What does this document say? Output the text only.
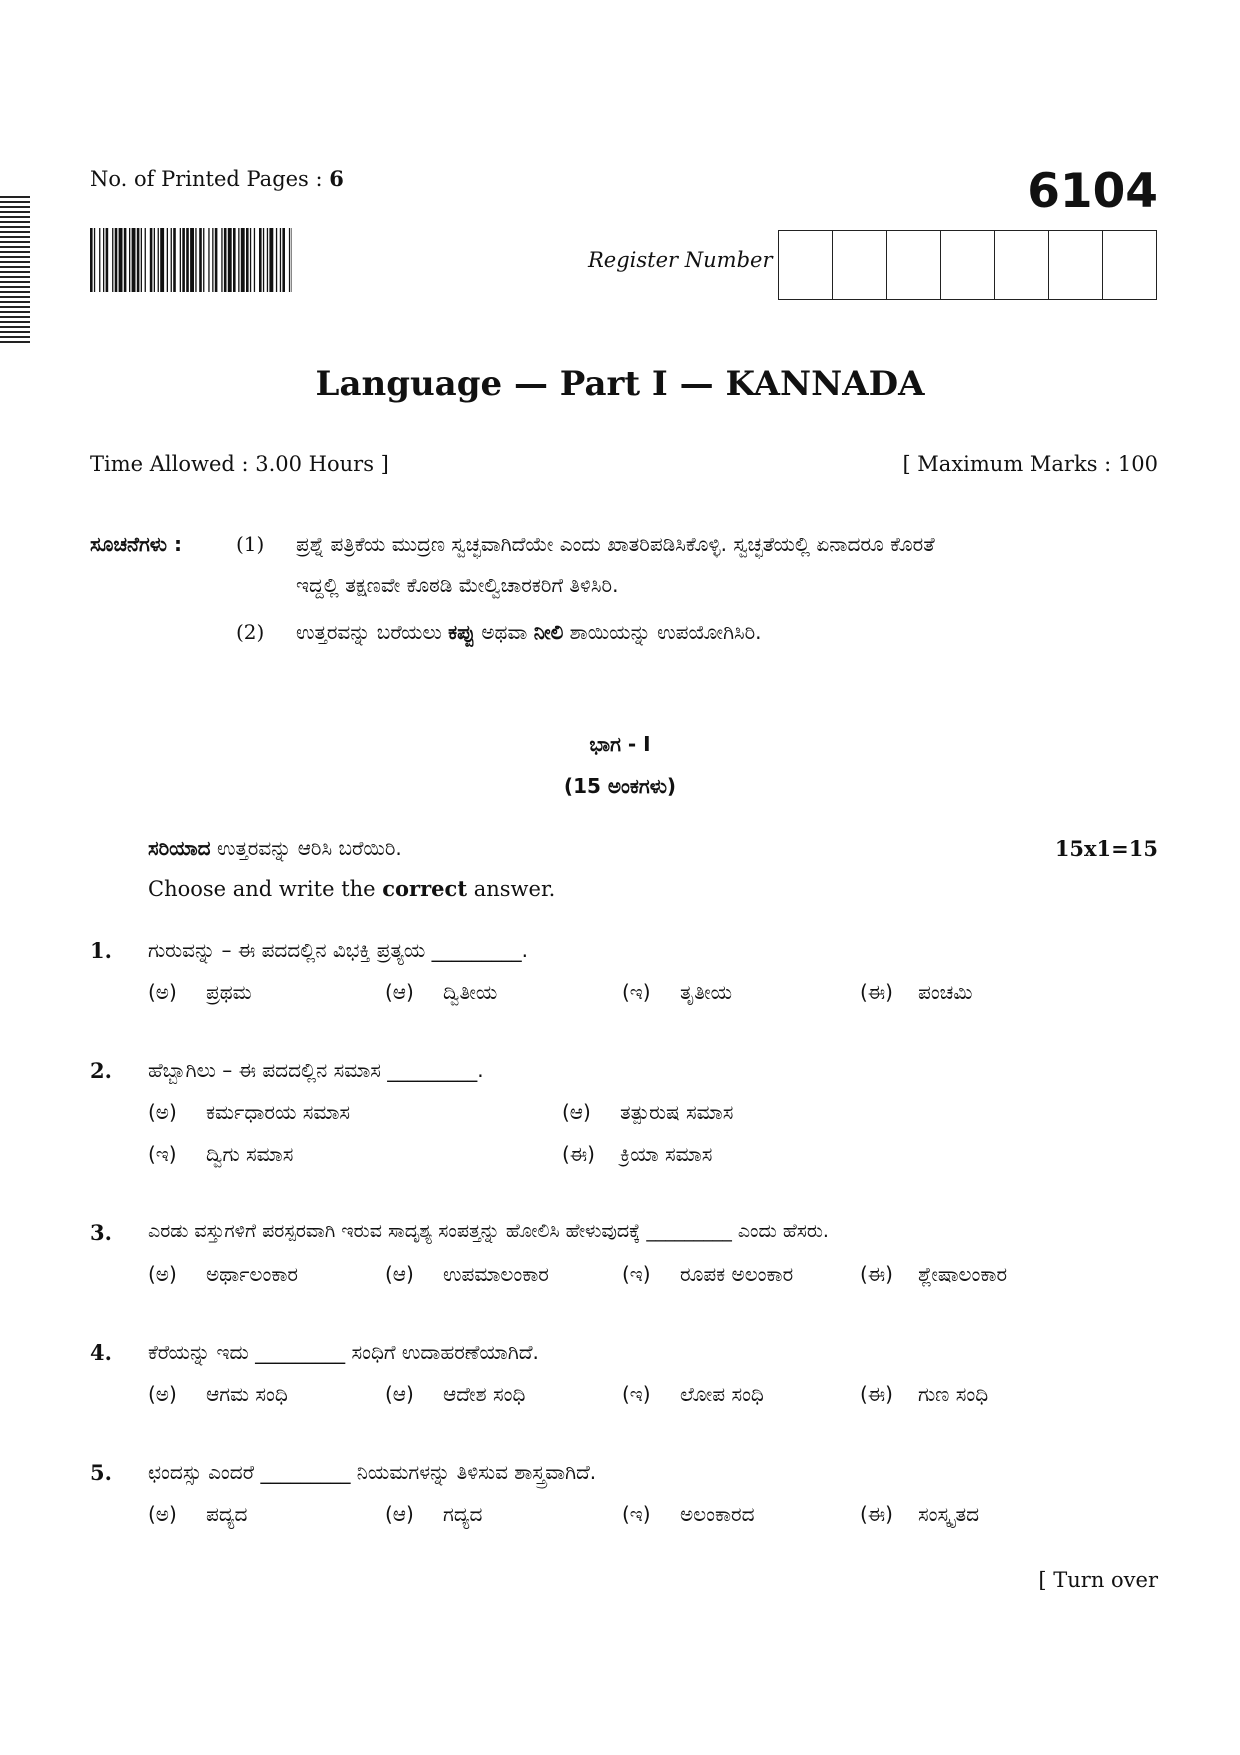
No. of Printed Pages : 6	6104
Register Number
Language — Part I — KANNADA
Time Allowed : 3.00 Hours ]	[ Maximum Marks : 100
ಸೂಚನೆಗಳು :	(1) ಪ್ರಶ್ನೆ ಪತ್ರಿಕೆಯ ಮುದ್ರಣ ಸ್ವಚ್ಛವಾಗಿದೆಯೇ ಎಂದು ಖಾತರಿಪಡಿಸಿಕೊಳ್ಳಿ. ಸ್ವಚ್ಛತೆಯಲ್ಲಿ ಏನಾದರೂ ಕೊರತೆ
ಇದ್ದಲ್ಲಿ ತಕ್ಷಣವೇ ಕೊಠಡಿ ಮೇಲ್ವಿಚಾರಕರಿಗೆ ತಿಳಿಸಿರಿ.
(2) ಉತ್ತರವನ್ನು ಬರೆಯಲು ಕಪ್ಪು ಅಥವಾ ನೀಲಿ ಶಾಯಿಯನ್ನು ಉಪಯೋಗಿಸಿರಿ.
ಭಾಗ - I
(15 ಅಂಕಗಳು)
ಸರಿಯಾದ ಉತ್ತರವನ್ನು ಆರಿಸಿ ಬರೆಯಿರಿ.	15x1=15
Choose and write the correct answer.
1. ಗುರುವನ್ನು – ಈ ಪದದಲ್ಲಿನ ವಿಭಕ್ತಿ ಪ್ರತ್ಯಯ _________.
(ಅ) ಪ್ರಥಮ	(ಆ) ದ್ವಿತೀಯ	(ಇ) ತೃತೀಯ	(ಈ) ಪಂಚಮಿ
2. ಹೆಬ್ಬಾಗಿಲು – ಈ ಪದದಲ್ಲಿನ ಸಮಾಸ _________.
(ಅ) ಕರ್ಮಧಾರಯ ಸಮಾಸ	(ಆ) ತತ್ಪುರುಷ ಸಮಾಸ
(ಇ) ದ್ವಿಗು ಸಮಾಸ	(ಈ) ಕ್ರಿಯಾ ಸಮಾಸ
3. ಎರಡು ವಸ್ತುಗಳಿಗೆ ಪರಸ್ಪರವಾಗಿ ಇರುವ ಸಾದೃಶ್ಯ ಸಂಪತ್ತನ್ನು ಹೋಲಿಸಿ ಹೇಳುವುದಕ್ಕೆ _________ ಎಂದು ಹೆಸರು.
(ಅ) ಅರ್ಥಾಲಂಕಾರ	(ಆ) ಉಪಮಾಲಂಕಾರ	(ಇ) ರೂಪಕ ಅಲಂಕಾರ	(ಈ) ಶ್ಲೇಷಾಲಂಕಾರ
4. ಕೆರೆಯನ್ನು ಇದು _________ ಸಂಧಿಗೆ ಉದಾಹರಣೆಯಾಗಿದೆ.
(ಅ) ಆಗಮ ಸಂಧಿ	(ಆ) ಆದೇಶ ಸಂಧಿ	(ಇ) ಲೋಪ ಸಂಧಿ	(ಈ) ಗುಣ ಸಂಧಿ
5. ಛಂದಸ್ಸು ಎಂದರೆ _________ ನಿಯಮಗಳನ್ನು ತಿಳಿಸುವ ಶಾಸ್ತ್ರವಾಗಿದೆ.
(ಅ) ಪದ್ಯದ	(ಆ) ಗದ್ಯದ	(ಇ) ಅಲಂಕಾರದ	(ಈ) ಸಂಸ್ಕೃತದ
[ Turn over
